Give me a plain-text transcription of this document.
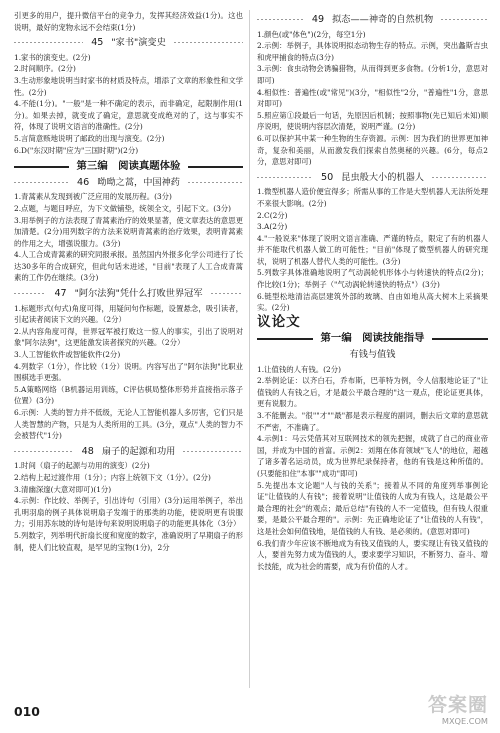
引更多的用户，提升微信平台的竞争力，发挥其经济效益(1分)。这也说明，最好的宠物永远不会结束(1分)

45 "家书"演变史

1.家书的演变史。(2分)

2.时间顺序。(2分)

3.生动形象地说明当时家书的材质及特点，增添了文章的形象性和文学性。(2分)

4.不能(1分)。"一般"是一种不确定的表示，而非确定，起限制作用(1分)。如果去掉，就变成了确定，意思就变成绝对的了，这与事实不符，体现了说明文语言的准确性。(2分)

5.言简意赅地说明了邮政的出现与演变。(2分)

6.D("东汉时期"应为"三国时期")(2分)

第三编　阅读真题体验
46 呦呦之蒿，中国神药

1.青蒿素从发现到被广泛应用的发展历程。(3分)

2.点题，与题目呼应，为下文做铺垫，统领全文，引起下文。(3分)

3.用举例子的方法表现了青蒿素治疗的效果显著，使文章表达的意思更加清楚。(2分)用列数字的方法来说明青蒿素的治疗效果，表明青蒿素的作用之大，增强说服力。(3分)

4.人工合成青蒿素的研究同报承报。虽然国内外报多化学公司进行了长达30多年的合成研究，但此句话未进述，"目前"表现了人工合成青蒿素的工作仍在继续。(3分)

47 "阿尔法狗"凭什么打败世界冠军

1.标题形式(句式)角度可得，用疑问句作标题，设置悬念，吸引读者，引起读者阅读下文的兴趣。（2分）

2.从内容角度可得，世界冠军被打败这一惊人的事实，引出了说明对象"阿尔法狗"，这更能激发读者探究的兴趣。（2分）

3.人工智能软件或智能软件(2分)

4.列数字（1分），作比较（1分）说明。内容写出了"阿尔法狗"比职业围棋选手更强。

5.A策略网络（B机器运用训练，C评估棋局整体形势并直接指示落子位置）(3分)

6.示例：人类的智力并不低级，无论人工智能机器人多厉害，它们只是人类智慧的产物，只是为人类所用的工具。(3分，观点"人类的智力不会被替代"1分)

48 扇子的起源和功用

1.时间（扇子的起源与功用的演变）(2分)

2.结构上起过渡作用（1分）；内容上统领下文（1分）。(2分)

3.清幽深邃(大意对即可)(1分)

4.示例：作比较、举例子，引出诗句（引用）(3分)运用举例子，举出孔明羽扇的例子具体说明扇子发端于的那类的功能，使说明更有说服力；引用苏东坡的诗句是诗句来说明说明扇子的功能更具体化（3分）

5.列数字，列举明代折扇长度和宽度的数字，准确说明了早期扇子的形制，使人们比较直观，是罕见的宝物(1分)，2分

49 拟态——神奇的自然机物

1.颜色(或"体色")(2分，每空1分)

2.示例：举例子，具体说明拟态动物生存的特点。示例，突出蠡斯吉虫和虎甲捕食的特点(3分)

3.示例：食虫动物会诱骗猎物，从而得到更多食物。(分析1分，意思对即可)

4.相似性：普遍性(或"常见")(3分，"相似性"2分，"普遍性"1分，意思对即可)

5.照应第①段最后一句话，先原因后机制；按照事物(先已知后未知)顺序说明，使说明内容层次清楚，说明严谨。(2分)

6.可以保护其中某一种生物的生存资源。示例：因为我们的世界更加神奇，复杂和美丽，从而激发我们探索自然奥秘的兴趣。(6分，每点2分，意思对即可)

50 昆虫般大小的机器人

1.微型机器人造价便宜得多；所需从事的工作是大型机器人无法所处理不来很大影响。(2分)

2.C(2分)

3.A(2分)

4."一般说来"体现了说明文语言准确、严谨的特点，限定了有的机器人并不能取代机器人做工的可能性；"目前"体现了微型机器人的研究现状，说明了机器人替代人类的可能性。(3分)

5.列数字具体准确地说明了气动涡轮机形体小与转速快的特点(2分)；作比较(1分)；举例子（"气动涡轮转速快的特点"）(3分)

6.链型松地清洁高层建筑外部的玻璃、自由如地从高大树木上采摘果实。(2分)

议论文
第一编　阅读技能指导
有钱与值钱

1.让值钱的人有钱。(2分)

2.举例论证：以齐白石，乔布斯，巴菲特为例，令人信服地论证了"让值钱的人有钱之后，才是最公平最合理的"这一观点，使论证更具体，更有说服力。

3.不能删去。"很""才""最"都是表示程度的副词，删去后文章的意思就不严密，不准确了。

4.示例1：马云凭借其对互联网技术的领先把握，成就了自己的商业帝国，并成为中国的首富。示例2：刘翔在体育领域"飞人"的地位，超越了诸多著名运动员，成为世界纪录保持者，他的有钱是这种所值的。(只要能扣住"本事""成功"即可)

5.先提出本文论题"人与钱的关系"；接着从不同的角度列举事例论证"让值钱的人有钱"；接着说明"让值钱的人成为有钱人，这是最公平最合理的社会"的观点；最后总结"有钱的人不一定值钱，但有钱人很重要，是最公平最合理的"。示例：先正确地论证了"让值钱的人有钱"，这是社会如何值钱地，是值钱的人有钱、是必须的。(意思对即可)

6.我们青少年应该不断地成为有钱又值钱的人，要实现让有钱又值钱的人，要首先努力成为值钱的人，要求要学习知识，不断努力、奋斗、增长技能，成为社会的需要，成为有价值的人才。

010	答案圈
MXQE.COM
